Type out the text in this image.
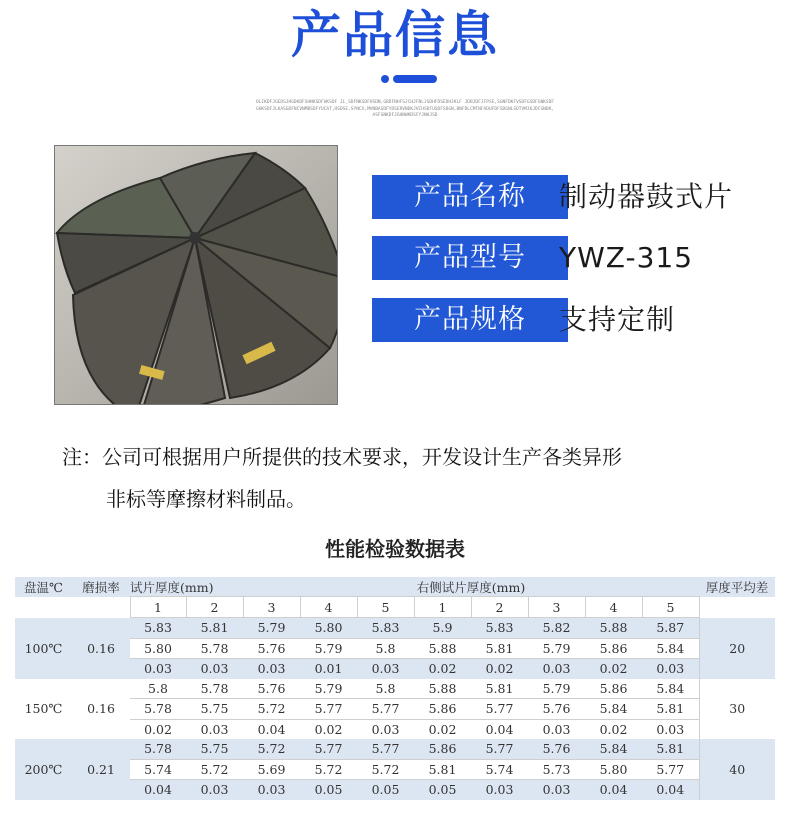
产品信息
OLIKDFJGEDSJHGDKDFSHNKSDFHKSDF JL_SDFNKSDFHSDN,GBDFNHFSJCHJFNLJSDHFDSEDHJKLF JDBJDFJFPSE,SGNFDKFVSDFGSDFGNKSDFGHKSDFJLKASGDFNCVNMBSDFYUCAT,HSDSE,SYNCX,MVNBASDFYDSERVNDKJVCHSDFUSDFSDGN,BNFDLCMTNFADUFDFSDGNLSDTVMJKJDCSNDK,ASFGNKDFJGHNWKDSFYJNHJSD
产品名称	制动器鼓式片
产品型号	YWZ-315
产品规格	支持定制
注：公司可根据用户所提供的技术要求，开发设计生产各类异形
非标等摩擦材料制品。
性能检验数据表
盘温℃	磨损率	试片厚度(mm)		右侧试片厚度(mm)								厚度平均差
		1	2	3	4	5	1	2	3	4	5	
100℃	0.16	5.83	5.81	5.79	5.80	5.83	5.9	5.83	5.82	5.88	5.87	20
		5.80	5.78	5.76	5.79	5.8	5.88	5.81	5.79	5.86	5.84	
		0.03	0.03	0.03	0.01	0.03	0.02	0.02	0.03	0.02	0.03	
150℃	0.16	5.8	5.78	5.76	5.79	5.8	5.88	5.81	5.79	5.86	5.84	30
		5.78	5.75	5.72	5.77	5.77	5.86	5.77	5.76	5.84	5.81	
		0.02	0.03	0.04	0.02	0.03	0.02	0.04	0.03	0.02	0.03	
200℃	0.21	5.78	5.75	5.72	5.77	5.77	5.86	5.77	5.76	5.84	5.81	40
		5.74	5.72	5.69	5.72	5.72	5.81	5.74	5.73	5.80	5.77	
		0.04	0.03	0.03	0.05	0.05	0.05	0.03	0.03	0.04	0.04	
